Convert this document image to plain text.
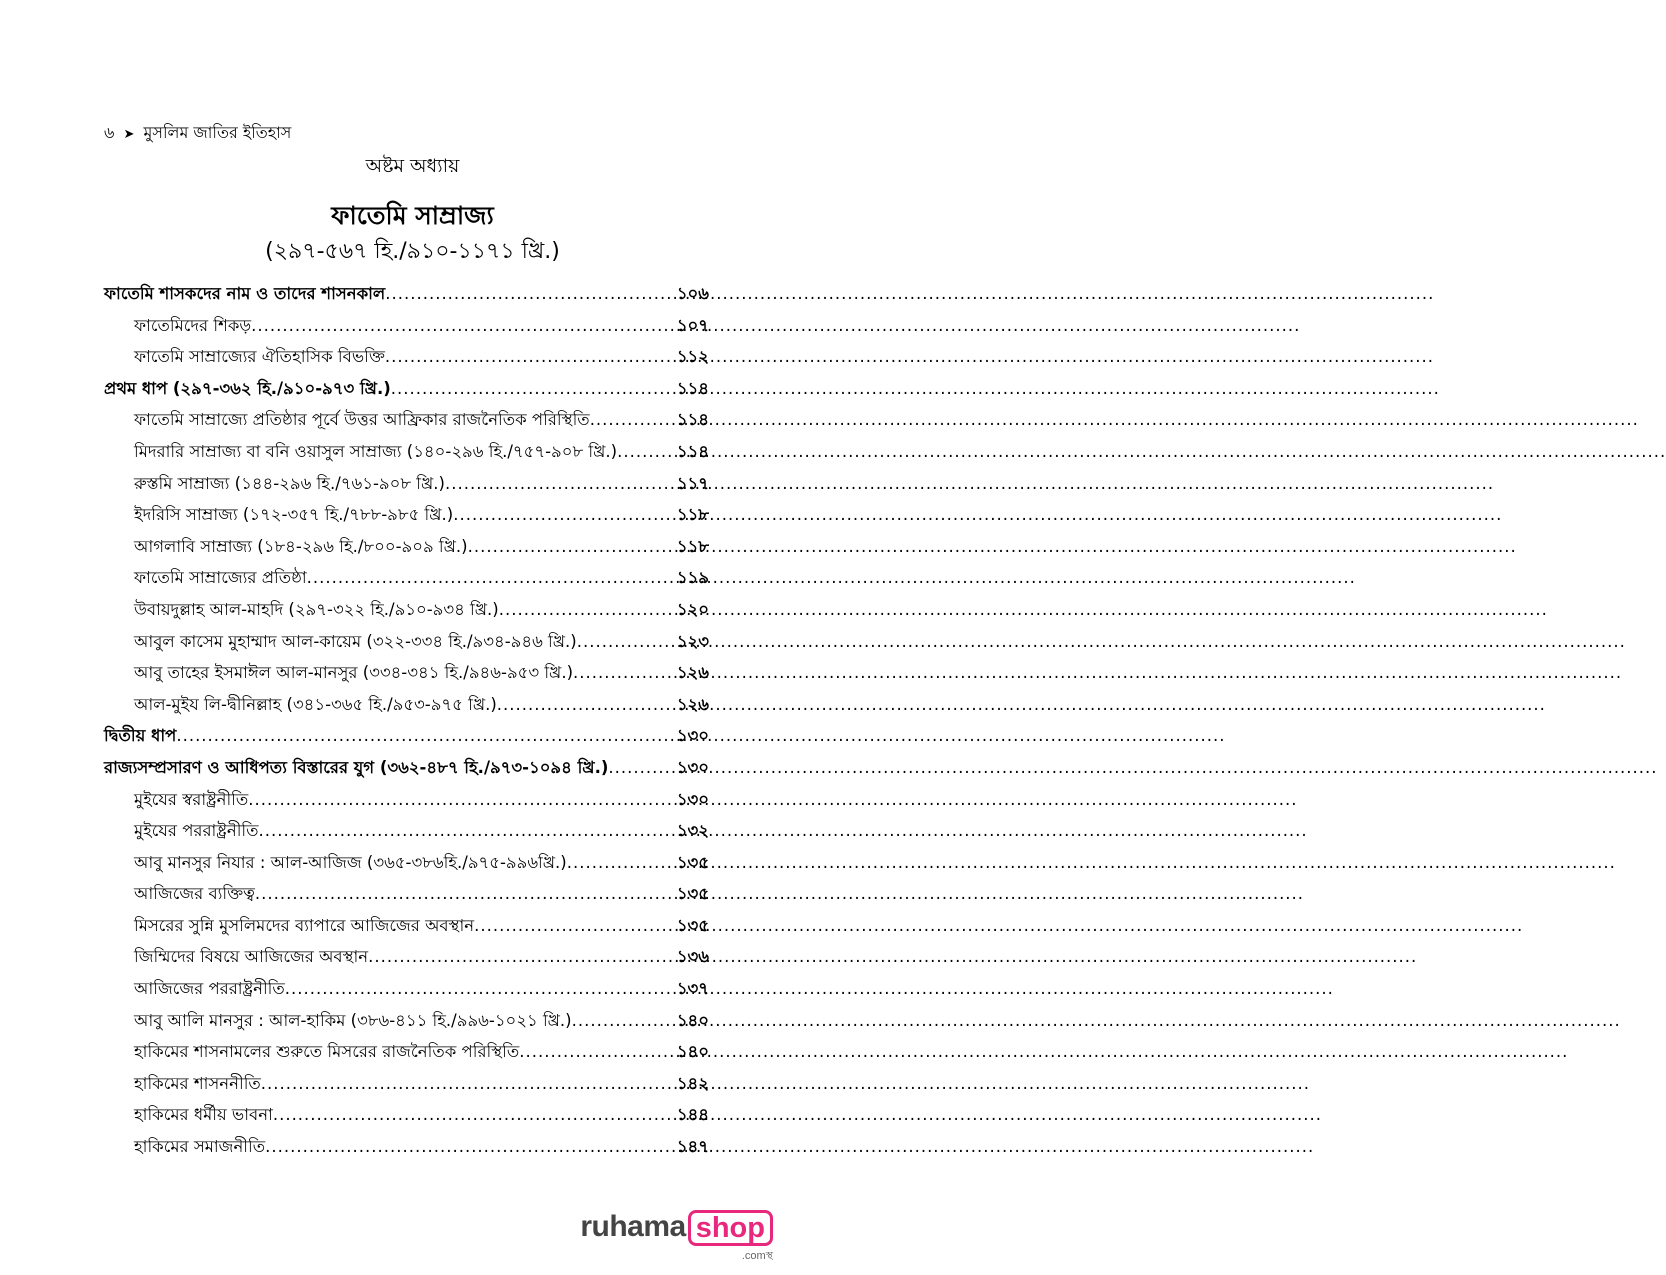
৬ ➤ মুসলিম জাতির ইতিহাস
অষ্টম অধ্যায়
ফাতেমি সাম্রাজ্য
(২৯৭-৫৬৭ হি./৯১০-১১৭১ খ্রি.)
ফাতেমি শাসকদের নাম ও তাদের শাসনকাল .....	১০৬
ফাতেমিদের শিকড় .....	১০৭
ফাতেমি সাম্রাজ্যের ঐতিহাসিক বিভক্তি .....	১১২
প্রথম ধাপ (২৯৭-৩৬২ হি./৯১০-৯৭৩ খ্রি.) .....	১১৪
ফাতেমি সাম্রাজ্যে প্রতিষ্ঠার পূর্বে উত্তর আফ্রিকার রাজনৈতিক পরিস্থিতি .....	১১৪
মিদরারি সাম্রাজ্য বা বনি ওয়াসুল সাম্রাজ্য (১৪০-২৯৬ হি./৭৫৭-৯০৮ খ্রি.) .....	১১৪
রুস্তমি সাম্রাজ্য (১৪৪-২৯৬ হি./৭৬১-৯০৮ খ্রি.) .....	১১৭
ইদরিসি সাম্রাজ্য (১৭২-৩৫৭ হি./৭৮৮-৯৮৫ খ্রি.) .....	১১৮
আগলাবি সাম্রাজ্য (১৮৪-২৯৬ হি./৮০০-৯০৯ খ্রি.) .....	১১৮
ফাতেমি সাম্রাজ্যের প্রতিষ্ঠা .....	১১৯
উবায়দুল্লাহ আল-মাহদি (২৯৭-৩২২ হি./৯১০-৯৩৪ খ্রি.) .....	১২০
আবুল কাসেম মুহাম্মাদ আল-কায়েম (৩২২-৩৩৪ হি./৯৩৪-৯৪৬ খ্রি.) .....	১২৩
আবু তাহের ইসমাঈল আল-মানসুর (৩৩৪-৩৪১ হি./৯৪৬-৯৫৩ খ্রি.) .....	১২৬
আল-মুইয লি-দ্বীনিল্লাহ (৩৪১-৩৬৫ হি./৯৫৩-৯৭৫ খ্রি.) .....	১২৬
দ্বিতীয় ধাপ .....	১৩০
রাজ্যসম্প্রসারণ ও আধিপত্য বিস্তারের যুগ (৩৬২-৪৮৭ হি./৯৭৩-১০৯৪ খ্রি.) .....	১৩০
মুইযের স্বরাষ্ট্রনীতি .....	১৩০
মুইযের পররাষ্ট্রনীতি .....	১৩২
আবু মানসুর নিযার : আল-আজিজ (৩৬৫-৩৮৬হি./৯৭৫-৯৯৬খ্রি.) .....	১৩৫
আজিজের ব্যক্তিত্ব .....	১৩৫
মিসরের সুন্নি মুসলিমদের ব্যাপারে আজিজের অবস্থান .....	১৩৫
জিম্মিদের বিষয়ে আজিজের অবস্থান .....	১৩৬
আজিজের পররাষ্ট্রনীতি .....	১৩৭
আবু আলি মানসুর : আল-হাকিম (৩৮৬-৪১১ হি./৯৯৬-১০২১ খ্রি.) .....	১৪০
হাকিমের শাসনামলের শুরুতে মিসরের রাজনৈতিক পরিস্থিতি .....	১৪০
হাকিমের শাসননীতি .....	১৪২
হাকিমের ধর্মীয় ভাবনা .....	১৪৪
হাকিমের সমাজনীতি .....	১৪৭
ruhama shop
.comস্থ
